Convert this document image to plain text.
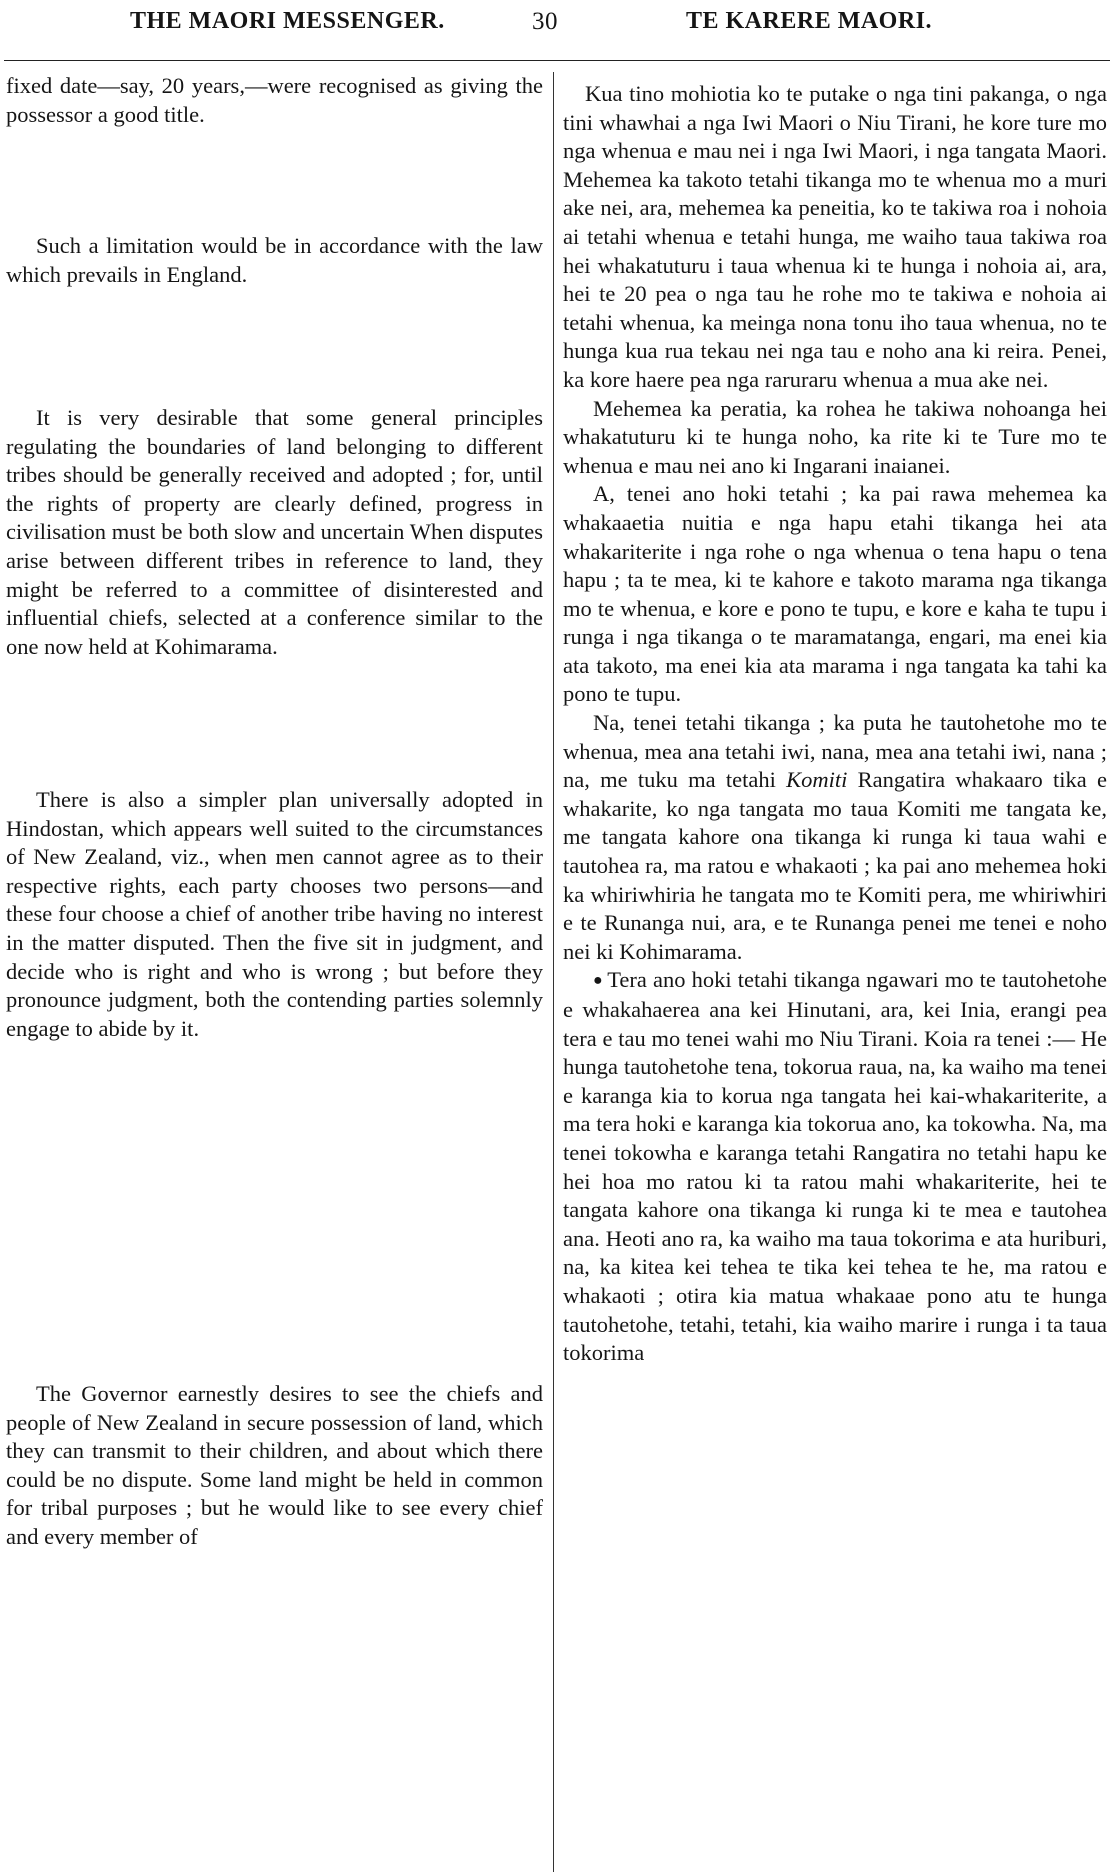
THE MAORI MESSENGER.	30	TE KARERE MAORI.

fixed date—say, 20 years,—were recognised as giving the possessor a good title.

Such a limitation would be in accordance with the law which prevails in England.

It is very desirable that some general principles regulating the boundaries of land belonging to different tribes should be generally received and adopted ; for, until the rights of property are clearly defined, progress in civilisation must be both slow and uncertain When disputes arise between different tribes in reference to land, they might be referred to a committee of disinterested and influential chiefs, selected at a conference similar to the one now held at Kohimarama.

There is also a simpler plan universally adopted in Hindostan, which appears well suited to the circumstances of New Zealand, viz., when men cannot agree as to their respective rights, each party chooses two persons—and these four choose a chief of another tribe having no interest in the matter disputed. Then the five sit in judgment, and decide who is right and who is wrong ; but before they pronounce judgment, both the contending parties solemnly engage to abide by it.

The Governor earnestly desires to see the chiefs and people of New Zealand in secure possession of land, which they can transmit to their children, and about which there could be no dispute. Some land might be held in common for tribal purposes ; but he would like to see every chief and every member of

Kua tino mohiotia ko te putake o nga tini pakanga, o nga tini whawhai a nga Iwi Maori o Niu Tirani, he kore ture mo nga whenua e mau nei i nga Iwi Maori, i nga tangata Maori. Mehemea ka takoto tetahi tikanga mo te whenua mo a muri ake nei, ara, mehemea ka peneitia, ko te takiwa roa i nohoia ai tetahi whenua e tetahi hunga, me waiho taua takiwa roa hei whakatuturu i taua whenua ki te hunga i nohoia ai, ara, hei te 20 pea o nga tau he rohe mo te takiwa e nohoia ai tetahi whenua, ka meinga nona tonu iho taua whenua, no te hunga kua rua tekau nei nga tau e noho ana ki reira. Penei, ka kore haere pea nga raruraru whenua a mua ake nei.

Mehemea ka peratia, ka rohea he takiwa nohoanga hei whakatuturu ki te hunga noho, ka rite ki te Ture mo te whenua e mau nei ano ki Ingarani inaianei.

A, tenei ano hoki tetahi ; ka pai rawa mehemea ka whakaaetia nuitia e nga hapu etahi tikanga hei ata whakariterite i nga rohe o nga whenua o tena hapu o tena hapu ; ta te mea, ki te kahore e takoto marama nga tikanga mo te whenua, e kore e pono te tupu, e kore e kaha te tupu i runga i nga tikanga o te maramatanga, engari, ma enei kia ata takoto, ma enei kia ata marama i nga tangata ka tahi ka pono te tupu.

Na, tenei tetahi tikanga ; ka puta he tautohetohe mo te whenua, mea ana tetahi iwi, nana, mea ana tetahi iwi, nana ; na, me tuku ma tetahi Komiti Rangatira whakaaro tika e whakarite, ko nga tangata mo taua Komiti me tangata ke, me tangata kahore ona tikanga ki runga ki taua wahi e tautohea ra, ma ratou e whakaoti ; ka pai ano mehemea hoki ka whiriwhiria he tangata mo te Komiti pera, me whiriwhiri e te Runanga nui, ara, e te Runanga penei me tenei e noho nei ki Kohimarama.

● Tera ano hoki tetahi tikanga ngawari mo te tautohetohe e whakahaerea ana kei Hinutani, ara, kei Inia, erangi pea tera e tau mo tenei wahi mo Niu Tirani. Koia ra tenei :— He hunga tautohetohe tena, tokorua raua, na, ka waiho ma tenei e karanga kia to korua nga tangata hei kai-whakariterite, a ma tera hoki e karanga kia tokorua ano, ka tokowha. Na, ma tenei tokowha e karanga tetahi Rangatira no tetahi hapu ke hei hoa mo ratou ki ta ratou mahi whakariterite, hei te tangata kahore ona tikanga ki runga ki te mea e tautohea ana. Heoti ano ra, ka waiho ma taua tokorima e ata huriburi, na, ka kitea kei tehea te tika kei tehea te he, ma ratou e whakaoti ; otira kia matua whakaae pono atu te hunga tautohetohe, tetahi, tetahi, kia waiho marire i runga i ta taua tokorima
